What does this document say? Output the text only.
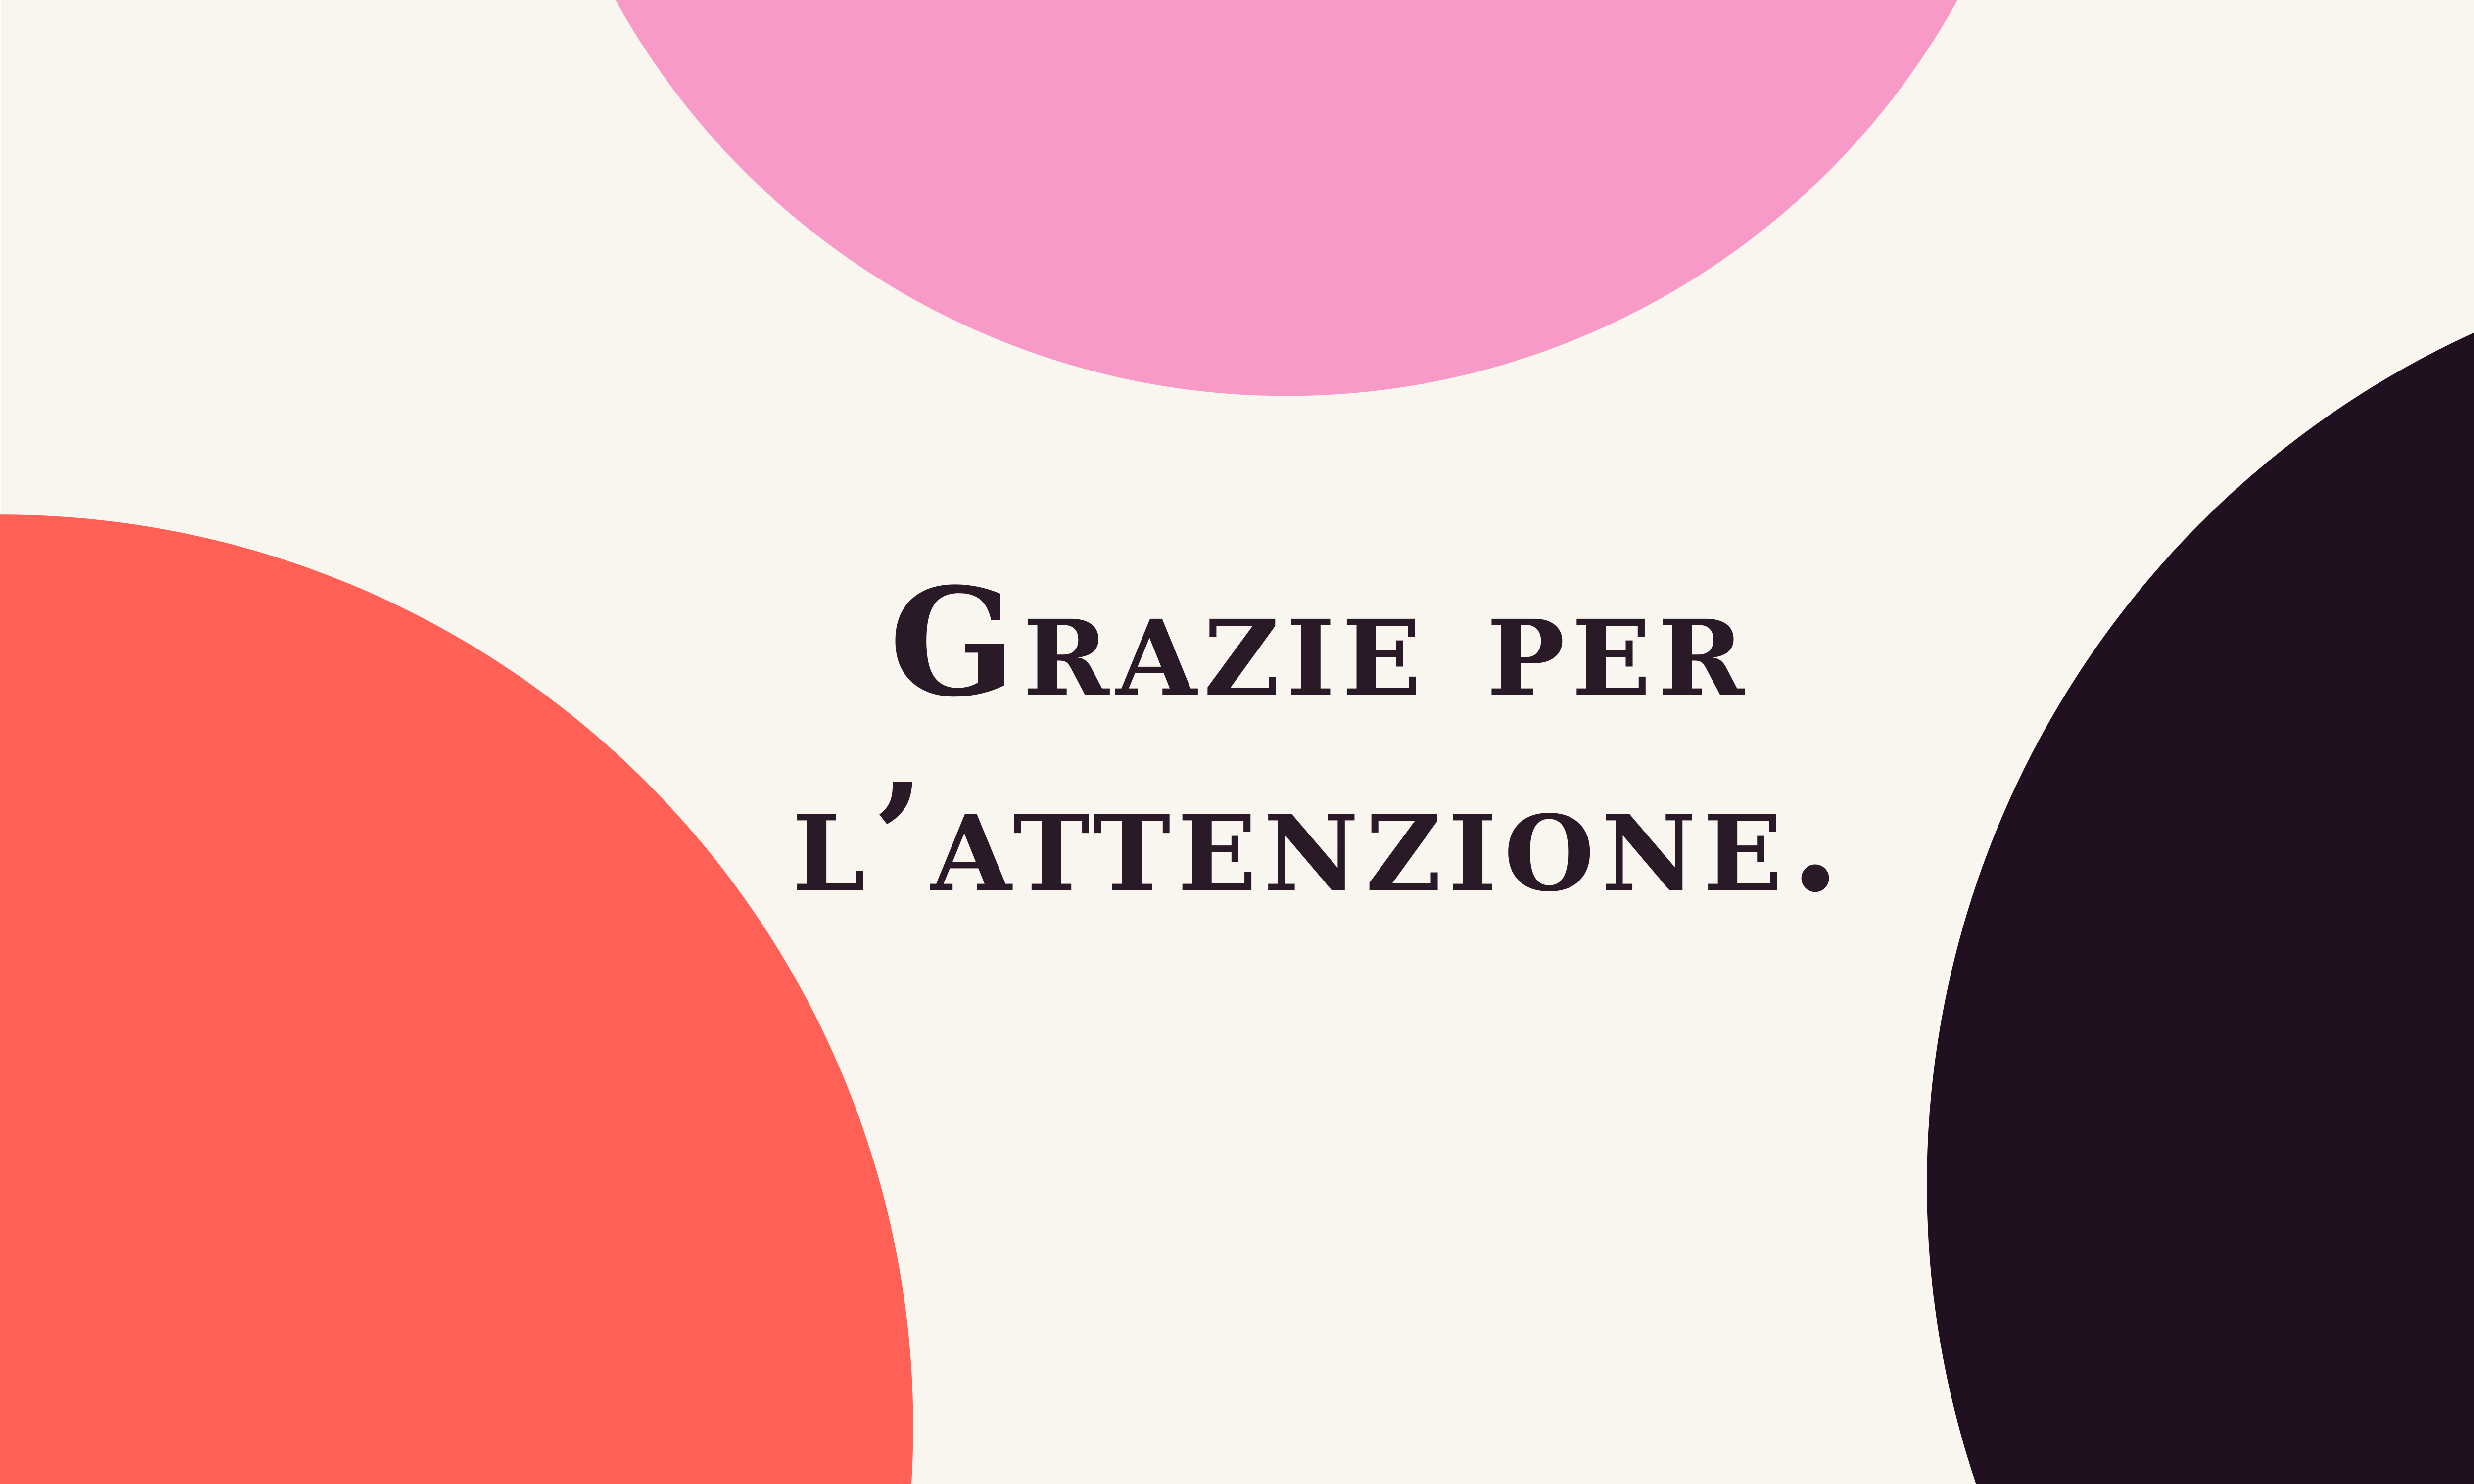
Grazie per
l’attenzione.
